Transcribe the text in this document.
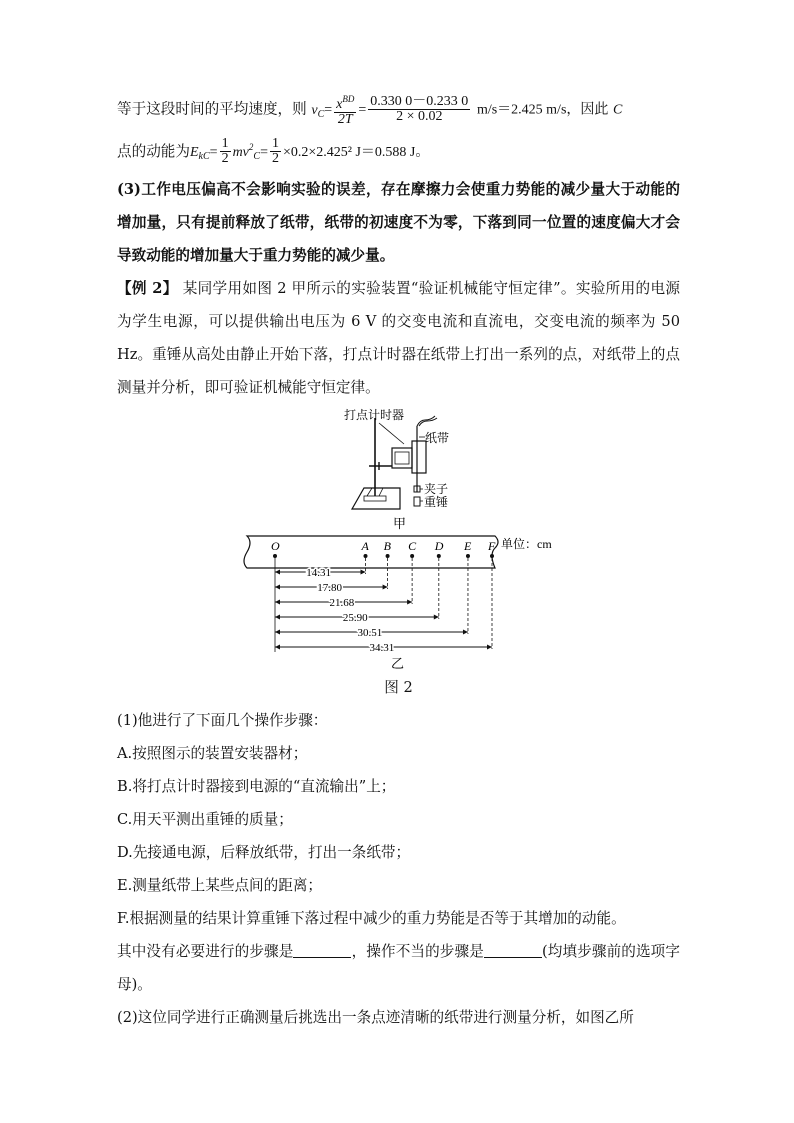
等于这段时间的平均速度，则 $v_C= \frac{x^{BD}}{2T} = \frac{0.330 0-0.233 0}{2 \times 0.02} m/s=2.425$ m/s，因此 C

点的动能为$E_{kC}= \frac{1}{2} mv^2_C= \frac{1}{2} \times 0.2\times 2.425^2$ J＝0.588 J。

(3)工作电压偏高不会影响实验的误差，存在摩擦力会使重力势能的减少量大于动能的增加量，只有提前释放了纸带，纸带的初速度不为零，下落到同一位置的速度偏大才会导致动能的增加量大于重力势能的减少量。

【例 2】 某同学用如图 2 甲所示的实验装置“验证机械能守恒定律”。实验所用的电源为学生电源，可以提供输出电压为 6 V 的交变电流和直流电，交变电流的频率为 50 Hz。重锤从高处由静止开始下落，打点计时器在纸带上打出一系列的点，对纸带上的点测量并分析，即可验证机械能守恒定律。

打点计时器
纸带
夹子
重锤
甲
单位：cm
O	A B C D E F
14.31
17.80
21.68
25.90
30.51
34.31
乙

图 2

(1)他进行了下面几个操作步骤：

A.按照图示的装置安装器材；

B.将打点计时器接到电源的“直流输出”上；

C.用天平测出重锤的质量；

D.先接通电源，后释放纸带，打出一条纸带；

E.测量纸带上某些点间的距离；

F.根据测量的结果计算重锤下落过程中减少的重力势能是否等于其增加的动能。

其中没有必要进行的步骤是	，操作不当的步骤是	(均填步骤前的选项字母)。

(2)这位同学进行正确测量后挑选出一条点迹清晰的纸带进行测量分析，如图乙所
